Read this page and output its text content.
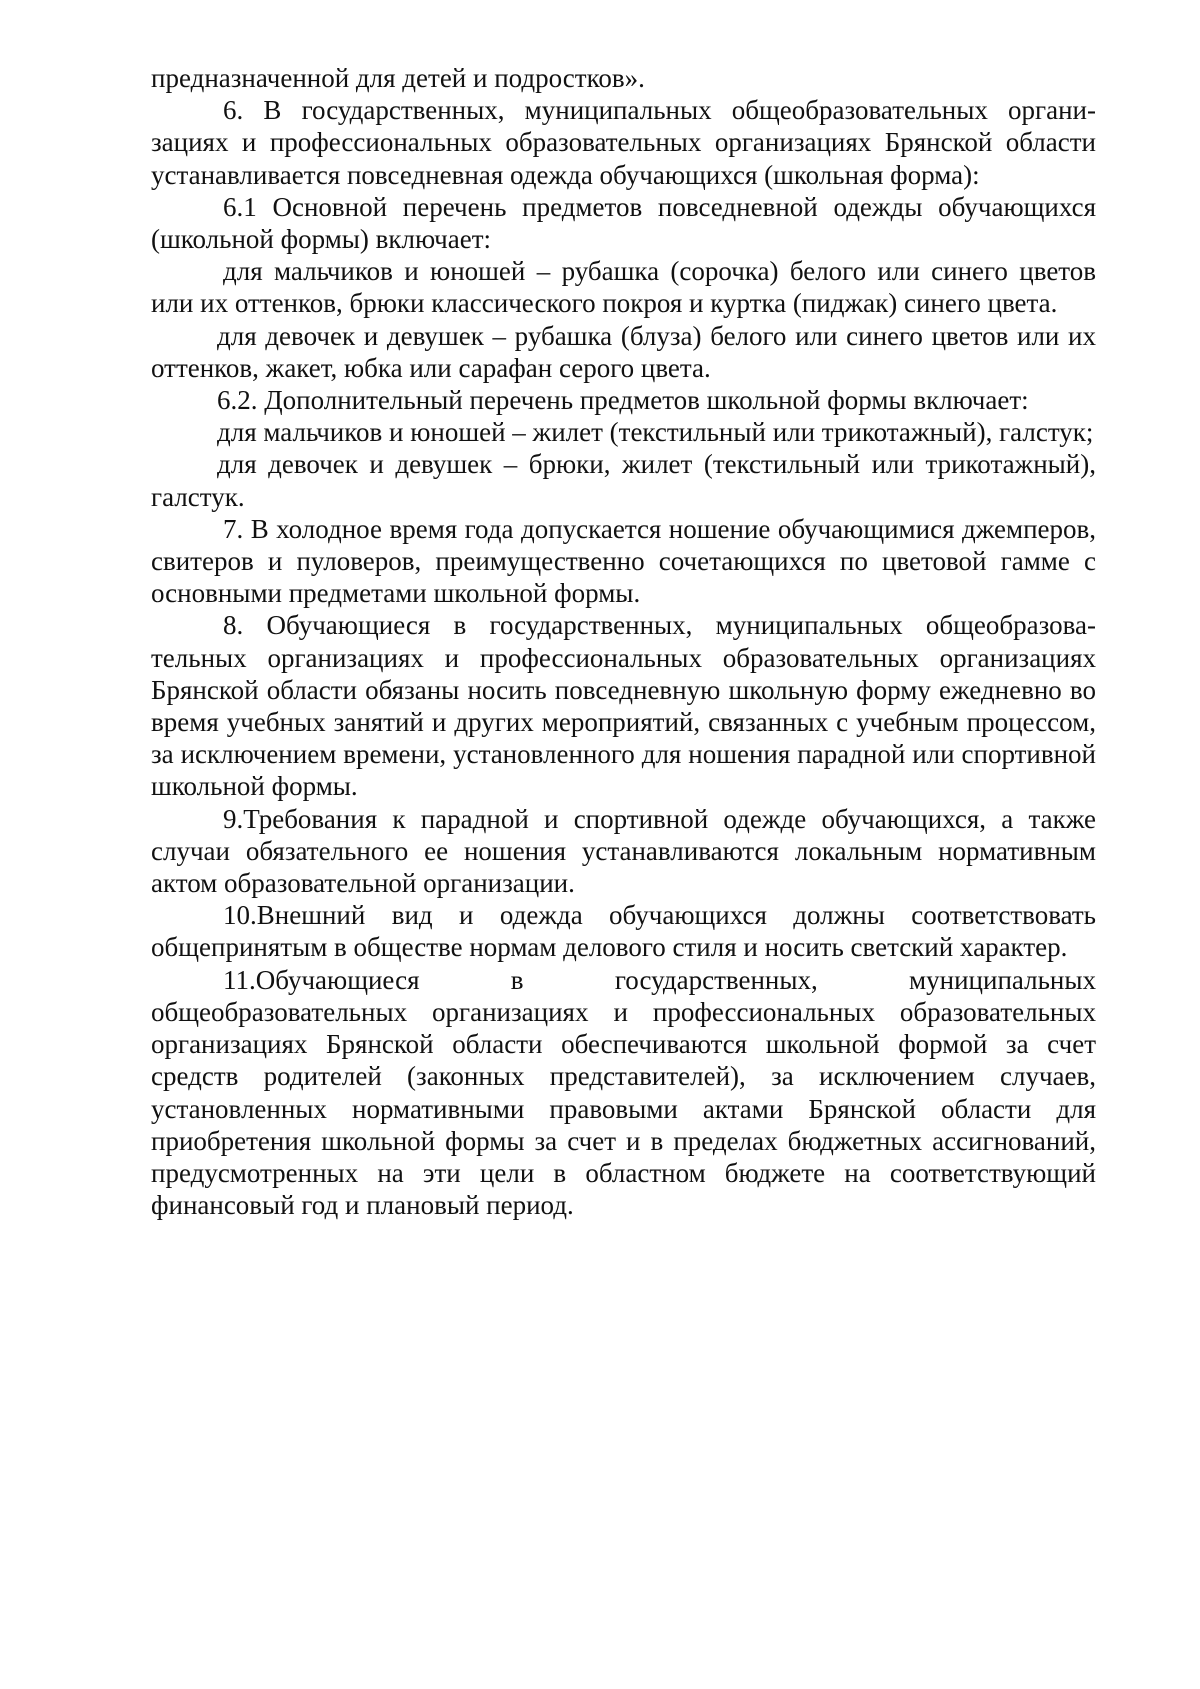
предназначенной для детей и подростков».

6. В государственных, муниципальных общеобразовательных организациях и профессиональных образовательных организациях Брянской области устанавливается повседневная одежда обучающихся (школьная форма):

6.1 Основной перечень предметов повседневной одежды обучающихся (школьной формы) включает:

для мальчиков и юношей – рубашка (сорочка) белого или синего цветов или их оттенков, брюки классического покроя и куртка (пиджак) синего цвета.

для девочек и девушек – рубашка (блуза) белого или синего цветов или их оттенков, жакет, юбка или сарафан серого цвета.

6.2. Дополнительный перечень предметов школьной формы включает:

для мальчиков и юношей – жилет (текстильный или трикотажный), галстук;

для девочек и девушек – брюки, жилет (текстильный или трикотажный), галстук.

7. В холодное время года допускается ношение обучающимися джемперов, свитеров и пуловеров, преимущественно сочетающихся по цветовой гамме с основными предметами школьной формы.

8. Обучающиеся в государственных, муниципальных общеобразовательных организациях и профессиональных образовательных организациях Брянской области обязаны носить повседневную школьную форму ежедневно во время учебных занятий и других мероприятий, связанных с учебным процессом, за исключением времени, установленного для ношения парадной или спортивной школьной формы.

9.Требования к парадной и спортивной одежде обучающихся, а также случаи обязательного ее ношения устанавливаются локальным нормативным актом образовательной организации.

10.Внешний вид и одежда обучающихся должны соответствовать общепринятым в обществе нормам делового стиля и носить светский характер.

11.Обучающиеся в государственных, муниципальных общеобразовательных организациях и профессиональных образовательных организациях Брянской области обеспечиваются школьной формой за счет средств родителей (законных представителей), за исключением случаев, установленных нормативными правовыми актами Брянской области для приобретения школьной формы за счет и в пределах бюджетных ассигнований, предусмотренных на эти цели в областном бюджете на соответствующий финансовый год и плановый период.
